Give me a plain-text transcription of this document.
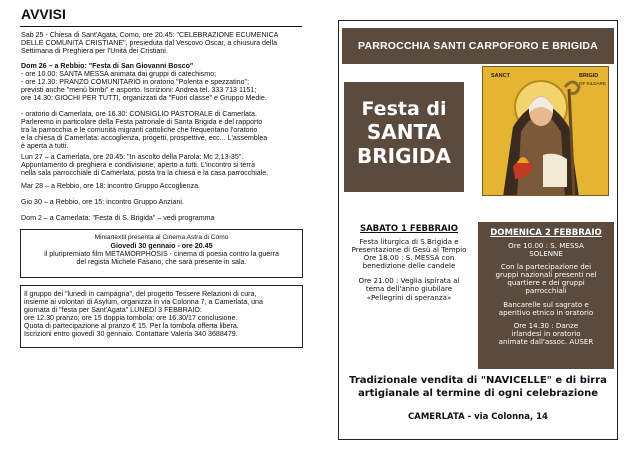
AVVISI
Sab 25 - Chiesa di Sant'Agata, Como, ore 20.45: "CELEBRAZIONE ECUMENICA
DELLE COMUNITÀ CRISTIANE", presieduta dal Vescovo Oscar, a chiusura della
Settimana di Preghiera per l'Unità dei Cristiani.
Dom 26 – a Rebbio: "Festa di San Giovanni Bosco"
- ore 10.00: SANTA MESSA animata dai gruppi di catechismo;
- ore 12.30: PRANZO COMUNITARIO in oratorio "Polenta e spezzatino";
previsti anche "menù bimbi" e asporto. Iscrizioni: Andrea tel. 333 713 1151;
ore 14.30: GIOCHI PER TUTTI, organizzati da "Fuori classe" e Gruppo Medie.
- oratorio di Camerlata, ore 16.30: CONSIGLIO PASTORALE di Camerlata.
Parleremo in particolare della Festa patronale di Santa Brigida e del rapporto
tra la parrocchia e le comunità migranti cattoliche che frequentano l'oratorio
e la chiesa di Camerlata: accoglienza, progetti, prospettive, ecc... L'assemblea
è aperta a tutti.
Lun 27 – a Camerlata, ore 20.45: "In ascolto della Parola: Mc 2,13-35".
Appuntamento di preghiera e condivisione, aperto a tutti. L'incontro si terrà
nella sala parrocchiale di Camerlata, posta tra la chiesa e la casa parrocchiale.
Mar 28 – a Rebbio, ore 18: incontro Gruppo Accoglienza.
Gio 30 – a Rebbio, ore 15: incontro Gruppo Anziani.
Dom 2 – a Camerlata: "Festa di S. Brigida" – vedi programma
Miniartextil presenta al Cinema Astra di Como
Giovedì 30 gennaio - ore 20.45
il pluripremiato film METAMORPHOSIS - cinema di poesia contro la guerra
del regista Michele Fasano, che sarà presente in sala.
Il gruppo dei "lunedì in campagna", del progetto Tessere Relazioni di cura,
insieme ai volontari di Asylum, organizza in via Colonna 7, a Camerlata, una
giornata di "festa per Sant'Agata" LUNEDÌ 3 FEBBRAIO:
ore 12.30 pranzo; ore 15 doppia tombola; ore 16.30/17 conclusione.
Quota di partecipazione al pranzo € 15. Per la tombola offerta libera.
Iscrizioni entro giovedì 30 gennaio. Contattare Valeria 340 3688479.
PARROCCHIA SANTI CARPOFORO E BRIGIDA
Festa di
SANTA
BRIGIDA
SANCT	BRIGID
OF KILDARE
SABATO 1 FEBBRAIO
Festa liturgica di S.Brigida e
Presentazione di Gesù al Tempio
Ore 18.00 : S. MESSA con
benedizione delle candele
Ore 21.00 : Veglia ispirata al
tema dell'anno giubilare
«Pellegrini di speranza»
DOMENICA 2 FEBBRAIO
Ore 10.00 : S. MESSA
SOLENNE
Con la partecipazione dei
gruppi nazionali presenti nel
quartiere e dei gruppi
parrocchiali
Bancarelle sul sagrato e
aperitivo etnico in oratorio
Ore 14.30 : Danze
irlandesi in oratorio
animate dall'assoc. AUSER
Tradizionale vendita di "NAVICELLE" e di birra
artigianale al termine di ogni celebrazione
CAMERLATA - via Colonna, 14
